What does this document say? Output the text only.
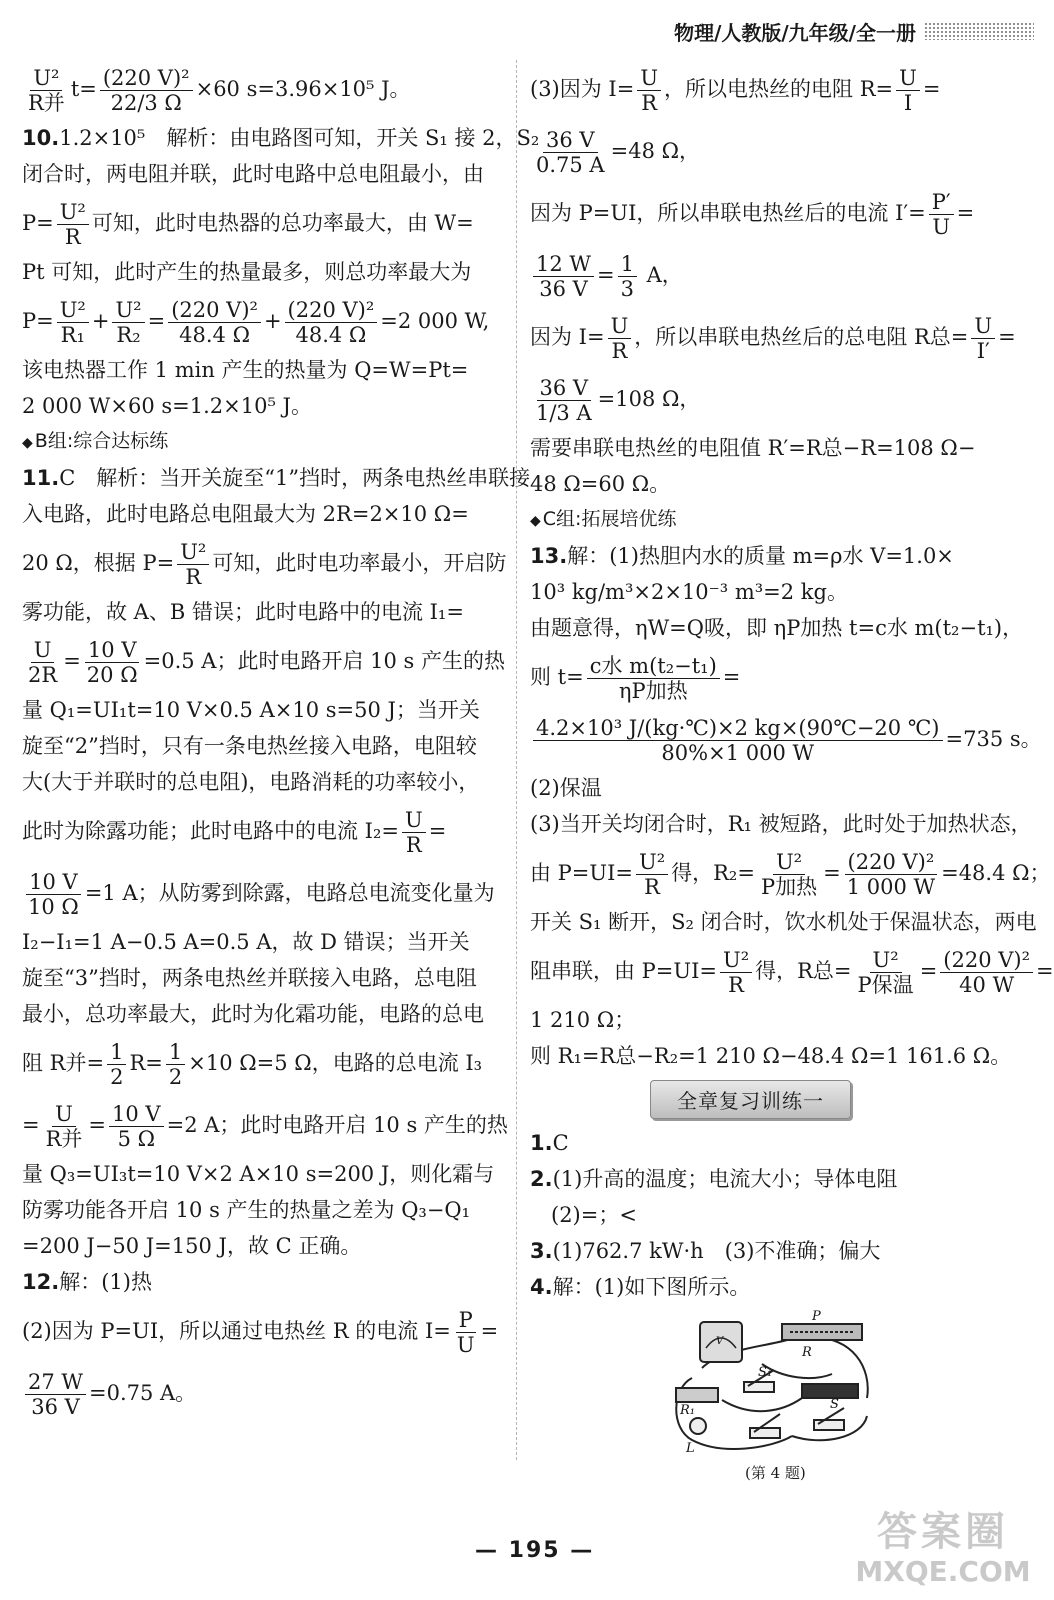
物理/人教版/九年级/全一册
$\frac{\text{U²}}{\text{R并}} t= \frac{\text{(220 V)²}}{22/3 \Omega} \times 60$ s=3.96×10⁵ J。
10.1.2×10⁵　解析：由电路图可知，开关 S₁ 接 2，S₂
闭合时，两电阻并联，此时电路中总电阻最小，由
$P= \frac{\text{U²}}{R}$ 可知，此时电热器的总功率最大，由 W=
Pt 可知，此时产生的热量最多，则总功率最大为
$P= \frac{\text{U²}}{\text{R₁}} + \frac{\text{U²}}{\text{R₂}} = \frac{\text{(220 V)²}}{48.4 \Omega} + \frac{\text{(220 V)²}}{48.4 \Omega} =2$ 000 W,
该电热器工作 1 min 产生的热量为 Q=W=Pt=
2 000 W×60 s=1.2×10⁵ J。
◆ B组:综合达标练
11.C　解析：当开关旋至“1”挡时，两条电热丝串联接
入电路，此时电路总电阻最大为 2R=2×10 Ω=
20 Ω，根据 $P= \frac{\text{U²}}{R}$ 可知，此时电功率最小，开启防
雾功能，故 A、B 错误；此时电路中的电流 I₁=
$\frac{U}{2R} = \frac{10 V}{20 \Omega} =0.5$ A；此时电路开启 10 s 产生的热
量 Q₁=UI₁t=10 V×0.5 A×10 s=50 J；当开关
旋至“2”挡时，只有一条电热丝接入电路，电阻较
大(大于并联时的总电阻)，电路消耗的功率较小，
此时为除露功能；此时电路中的电流 $I_2= \frac{U}{R}$ =
$\frac{10 V}{10 \Omega} =1$ A；从防雾到除露，电路总电流变化量为
I₂−I₁=1 A−0.5 A=0.5 A，故 D 错误；当开关
旋至“3”挡时，两条电热丝并联接入电路，总电阻
最小，总功率最大，此时为化霜功能，电路的总电
阻 R并= $\frac{1}{2} R= \frac{1}{2} \times 10$ Ω=5 Ω，电路的总电流 I₃
= $\frac{U}{\text{R并}} = \frac{10 V}{5 \Omega} =2$ A；此时电路开启 10 s 产生的热
量 Q₃=UI₃t=10 V×2 A×10 s=200 J，则化霜与
防雾功能各开启 10 s 产生的热量之差为 Q₃−Q₁
=200 J−50 J=150 J，故 C 正确。
12.解：(1)热
(2)因为 P=UI，所以通过电热丝 R 的电流 $I= \frac{P}{U}$ =
$\frac{27 W}{36 V} =0.75$ A。
(3)因为 $I= \frac{U}{R}$ ，所以电热丝的电阻 $R= \frac{U}{I}$ =
$\frac{36 V}{0.75 A} =48$ Ω，
因为 P=UI，所以串联电热丝后的电流 $I'= \frac{P'}{U}$ =
$\frac{12 W}{36 V} = \frac{1}{3}$ A，
因为 $I= \frac{U}{R}$ ，所以串联电热丝后的总电阻 R总= $\frac{U}{I'}$ =
$\frac{36 V}{1/3 A} =108$ Ω，
需要串联电热丝的电阻值 R′=R总−R=108 Ω−
48 Ω=60 Ω。
◆ C组:拓展培优练
13.解：(1)热胆内水的质量 m=ρ水 V=1.0×
10³ kg/m³×2×10⁻³ m³=2 kg。
由题意得，ηW=Q吸，即 ηP加热 t=c水 m(t₂−t₁)，
则 $t= \frac{\text{c水 m(t₂−t₁)}}{\text{ηP加热}}$ =
$\frac{\text{4.2×10³ J/(kg·℃)×2 kg×(90℃−20 ℃)}}{80\%\times 1 000 W} =735$ s。
(2)保温
(3)当开关均闭合时，R₁ 被短路，此时处于加热状态，
由 $P=UI= \frac{\text{U²}}{R}$ 得，$R_2= \frac{\text{U²}}{\text{P加热}} = \frac{\text{(220 V)²}}{1 000 W} =48.4$ Ω；
开关 S₁ 断开，S₂ 闭合时，饮水机处于保温状态，两电
阻串联，由 $P=UI= \frac{\text{U²}}{R}$ 得，R总= $\frac{\text{U²}}{\text{P保温}} = \frac{\text{(220 V)²}}{40 W}$ =
1 210 Ω；
则 R₁=R总−R₂=1 210 Ω−48.4 Ω=1 161.6 Ω。
全章复习训练一
1.C
2.(1)升高的温度；电流大小；导体电阻
　(2)=；<
3.(1)762.7 kW·h　(3)不准确；偏大
4.解：(1)如下图所示。
P
R
R₁
S₁
S
L
V
(第 4 题)
— 195 —	答案圈
MXQE.COM
